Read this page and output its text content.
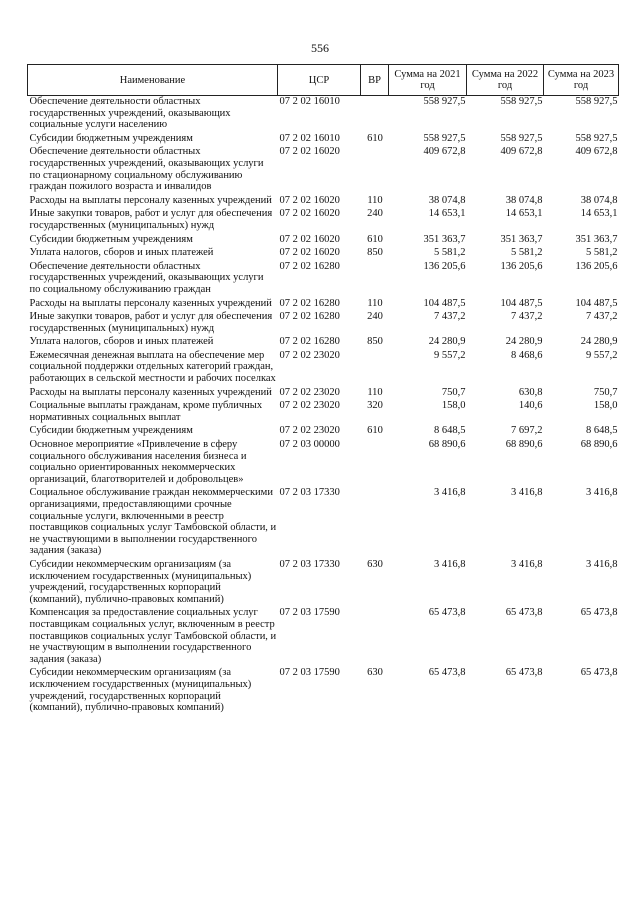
556
Наименование	ЦСР	ВР	Сумма на 2021 год	Сумма на 2022 год	Сумма на 2023 год
Обеспечение деятельности областных государственных учреждений, оказывающих социальные услуги населению	07 2 02 16010		558 927,5	558 927,5	558 927,5
Субсидии бюджетным учреждениям	07 2 02 16010	610	558 927,5	558 927,5	558 927,5
Обеспечение деятельности областных государственных учреждений, оказывающих услуги по стационарному социальному обслуживанию граждан пожилого возраста и инвалидов	07 2 02 16020		409 672,8	409 672,8	409 672,8
Расходы на выплаты персоналу казенных учреждений	07 2 02 16020	110	38 074,8	38 074,8	38 074,8
Иные закупки товаров, работ и услуг для обеспечения государственных (муниципальных) нужд	07 2 02 16020	240	14 653,1	14 653,1	14 653,1
Субсидии бюджетным учреждениям	07 2 02 16020	610	351 363,7	351 363,7	351 363,7
Уплата налогов, сборов и иных платежей	07 2 02 16020	850	5 581,2	5 581,2	5 581,2
Обеспечение деятельности областных государственных учреждений, оказывающих услуги по социальному обслуживанию граждан	07 2 02 16280		136 205,6	136 205,6	136 205,6
Расходы на выплаты персоналу казенных учреждений	07 2 02 16280	110	104 487,5	104 487,5	104 487,5
Иные закупки товаров, работ и услуг для обеспечения государственных (муниципальных) нужд	07 2 02 16280	240	7 437,2	7 437,2	7 437,2
Уплата налогов, сборов и иных платежей	07 2 02 16280	850	24 280,9	24 280,9	24 280,9
Ежемесячная денежная выплата на обеспечение мер социальной поддержки отдельных категорий граждан, работающих в сельской местности и рабочих поселках	07 2 02 23020		9 557,2	8 468,6	9 557,2
Расходы на выплаты персоналу казенных учреждений	07 2 02 23020	110	750,7	630,8	750,7
Социальные выплаты гражданам, кроме публичных нормативных социальных выплат	07 2 02 23020	320	158,0	140,6	158,0
Субсидии бюджетным учреждениям	07 2 02 23020	610	8 648,5	7 697,2	8 648,5
Основное мероприятие «Привлечение в сферу социального обслуживания населения бизнеса и социально ориентированных некоммерческих организаций, благотворителей и добровольцев»	07 2 03 00000		68 890,6	68 890,6	68 890,6
Социальное обслуживание граждан некоммерческими организациями, предоставляющими срочные социальные услуги, включенными в реестр поставщиков социальных услуг Тамбовской области, и не участвующими в выполнении государственного задания (заказа)	07 2 03 17330		3 416,8	3 416,8	3 416,8
Субсидии некоммерческим организациям (за исключением государственных (муниципальных) учреждений, государственных корпораций (компаний), публично-правовых компаний)	07 2 03 17330	630	3 416,8	3 416,8	3 416,8
Компенсация за предоставление социальных услуг поставщикам социальных услуг, включенным в реестр поставщиков социальных услуг Тамбовской области, и не участвующим в выполнении государственного задания (заказа)	07 2 03 17590		65 473,8	65 473,8	65 473,8
Субсидии некоммерческим организациям (за исключением государственных (муниципальных) учреждений, государственных корпораций (компаний), публично-правовых компаний)	07 2 03 17590	630	65 473,8	65 473,8	65 473,8
